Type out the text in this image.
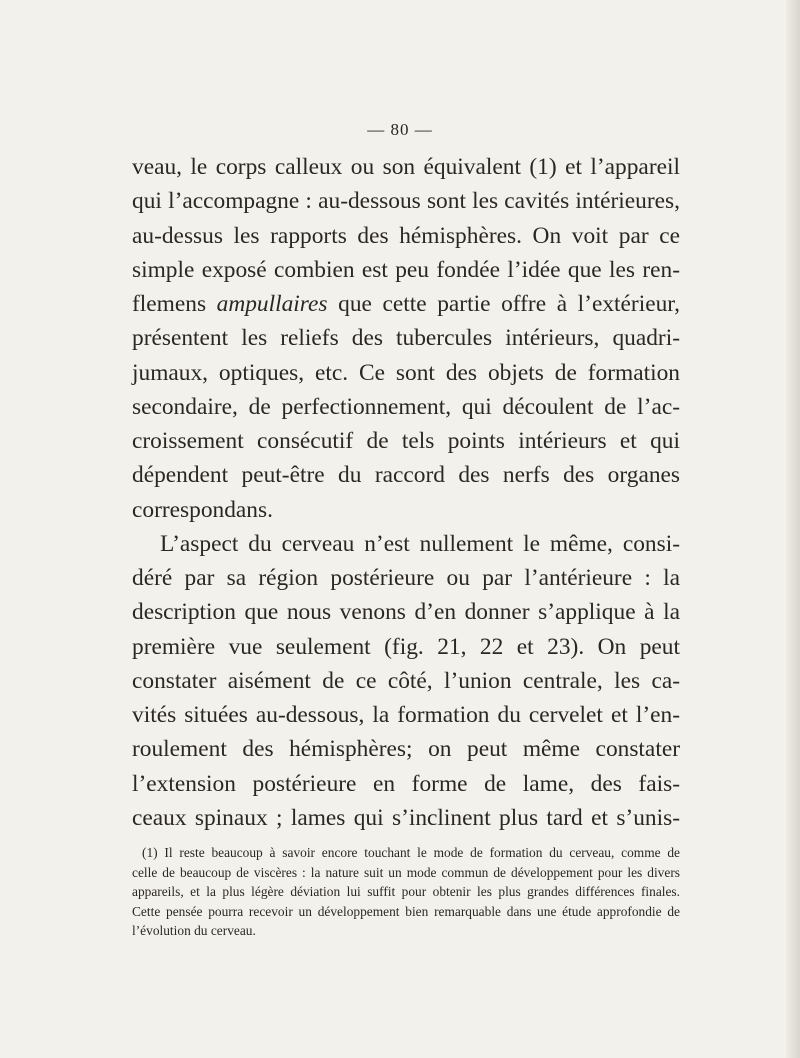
— 80 —
veau, le corps calleux ou son équivalent (1) et l’appareil
qui l’accompagne : au-dessous sont les cavités intérieures,
au-dessus les rapports des hémisphères. On voit par ce
simple exposé combien est peu fondée l’idée que les ren-
flemens ampullaires que cette partie offre à l’extérieur,
présentent les reliefs des tubercules intérieurs, quadri-
jumaux, optiques, etc. Ce sont des objets de formation
secondaire, de perfectionnement, qui découlent de l’ac-
croissement consécutif de tels points intérieurs et qui
dépendent peut-être du raccord des nerfs des organes
correspondans.
L’aspect du cerveau n’est nullement le même, consi-
déré par sa région postérieure ou par l’antérieure : la
description que nous venons d’en donner s’applique à la
première vue seulement (fig. 21, 22 et 23). On peut
constater aisément de ce côté, l’union centrale, les ca-
vités situées au-dessous, la formation du cervelet et l’en-
roulement des hémisphères; on peut même constater
l’extension postérieure en forme de lame, des fais-
ceaux spinaux ; lames qui s’inclinent plus tard et s’unis-
(1) Il reste beaucoup à savoir encore touchant le mode de formation du cerveau, comme de
celle de beaucoup de viscères : la nature suit un mode commun de développement pour les divers
appareils, et la plus légère déviation lui suffit pour obtenir les plus grandes différences finales.
Cette pensée pourra recevoir un développement bien remarquable dans une étude approfondie de
l’évolution du cerveau.
